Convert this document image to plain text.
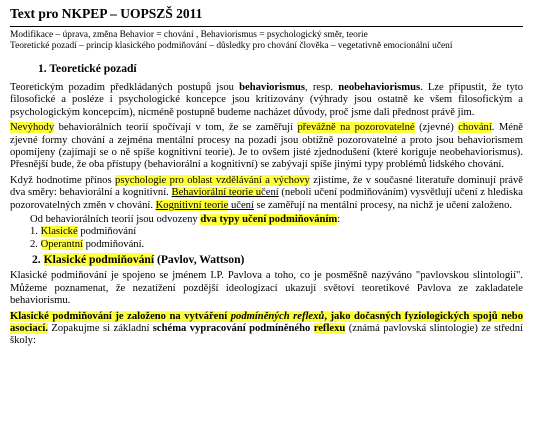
Text pro NKPEP – UOPSZŠ 2011
Modifikace – úprava, změna Behavior = chování , Behaviorismus = psychologický směr, teorie
Teoretické pozadí – princip klasického podmiňování – důsledky pro chování člověka – vegetativně emocionální učení
1. Teoretické pozadí

Teoretickým pozadím předkládaných postupů jsou behaviorismus, resp. neobehaviorismus. Lze připustit, že tyto filosofické a posléze i psychologické koncepce jsou kritizovány (výhrady jsou ostatně ke všem filosofickým a psychologickým koncepcím), nicméně postupně budeme nacházet důvody, proč jsme dali přednost právě jim.

Nevýhody behaviorálních teorií spočívají v tom, že se zaměřují převážně na pozorovatelné (zjevné) chování. Méně zjevné formy chování a zejména mentální procesy na pozadí jsou obtížně pozorovatelné a proto jsou behaviorismem opomíjeny (zajímají se o ně spíše kognitivní teorie). Je to ovšem jisté zjednodušení (které koriguje neobehaviorismus). Přesnější bude, že oba přístupy (behaviorální a kognitivní) se zabývají spíše jinými typy problémů lidského chování.

Když hodnotíme přínos psychologie pro oblast vzdělávání a výchovy zjistíme, že v současné literatuře dominují právě dva směry: behaviorální a kognitivní. Behaviorální teorie učení (neboli učení podmiňováním) vysvětlují učení z hlediska pozorovatelných změn v chování. Kognitivní teorie učení se zaměřují na mentální procesy, na nichž je učení založeno.

Od behaviorálních teorií jsou odvozeny dva typy učení podmiňováním:
1. Klasické podmiňování
2. Operantní podmiňování.
2. Klasické podmiňování (Pavlov, Wattson)

Klasické podmiňování je spojeno se jménem I.P. Pavlova a toho, co je posměšně nazýváno "pavlovskou slintologií". Můžeme poznamenat, že nezatížení pozdější ideologizací ukazují světoví teoretikové Pavlova ze zakladatele behaviorismu.

Klasické podmiňování je založeno na vytváření podmíněných reflexů, jako dočasných fyziologických spojů nebo asociací. Zopakujme si základní schéma vypracování podmíněného reflexu (známá pavlovská slintologie) ze střední školy:
